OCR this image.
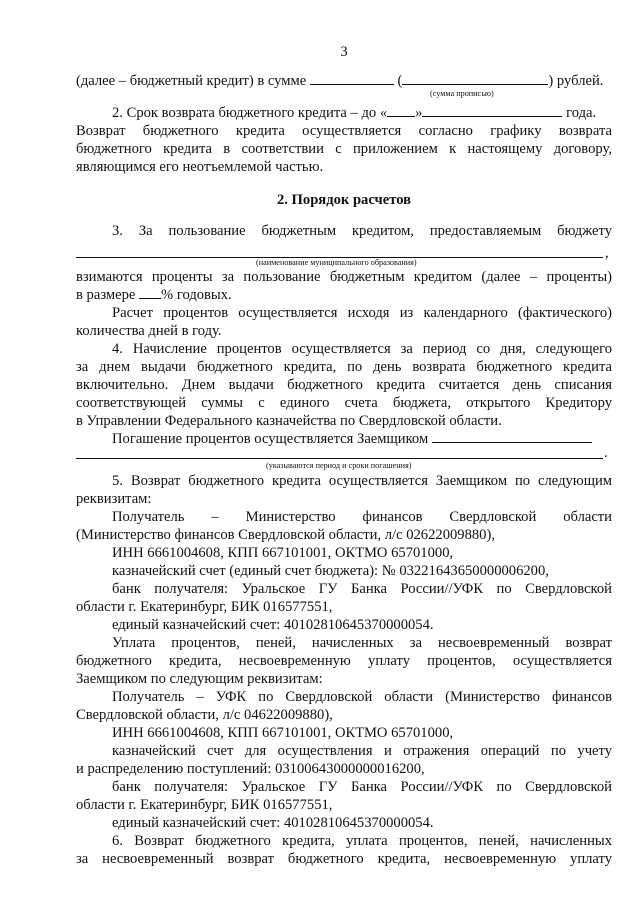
3
(далее – бюджетный кредит) в сумме	(	) рублей.
(сумма прописью)
2. Срок возврата бюджетного кредита – до « »	года.
Возврат бюджетного кредита осуществляется согласно графику возврата
бюджетного кредита в соответствии с приложением к настоящему договору,
являющимся его неотъемлемой частью.
2. Порядок расчетов
3. За пользование бюджетным кредитом, предоставляемым бюджету
,
(наименование муниципального образования)
взимаются проценты за пользование бюджетным кредитом (далее – проценты)
в размере % годовых.
Расчет процентов осуществляется исходя из календарного (фактического)
количества дней в году.
4. Начисление процентов осуществляется за период со дня, следующего
за днем выдачи бюджетного кредита, по день возврата бюджетного кредита
включительно. Днем выдачи бюджетного кредита считается день списания
соответствующей суммы с единого счета бюджета, открытого Кредитору
в Управлении Федерального казначейства по Свердловской области.
Погашение процентов осуществляется Заемщиком
.
(указываются период и сроки погашения)
5. Возврат бюджетного кредита осуществляется Заемщиком по следующим
реквизитам:
Получатель – Министерство финансов Свердловской области
(Министерство финансов Свердловской области, л/с 02622009880),
ИНН 6661004608, КПП 667101001, ОКТМО 65701000,
казначейский счет (единый счет бюджета): № 03221643650000006200,
банк получателя: Уральское ГУ Банка России//УФК по Свердловской
области г. Екатеринбург, БИК 016577551,
единый казначейский счет: 40102810645370000054.
Уплата процентов, пеней, начисленных за несвоевременный возврат
бюджетного кредита, несвоевременную уплату процентов, осуществляется
Заемщиком по следующим реквизитам:
Получатель – УФК по Свердловской области (Министерство финансов
Свердловской области, л/с 04622009880),
ИНН 6661004608, КПП 667101001, ОКТМО 65701000,
казначейский счет для осуществления и отражения операций по учету
и распределению поступлений: 03100643000000016200,
банк получателя: Уральское ГУ Банка России//УФК по Свердловской
области г. Екатеринбург, БИК 016577551,
единый казначейский счет: 40102810645370000054.
6. Возврат бюджетного кредита, уплата процентов, пеней, начисленных
за несвоевременный возврат бюджетного кредита, несвоевременную уплату
